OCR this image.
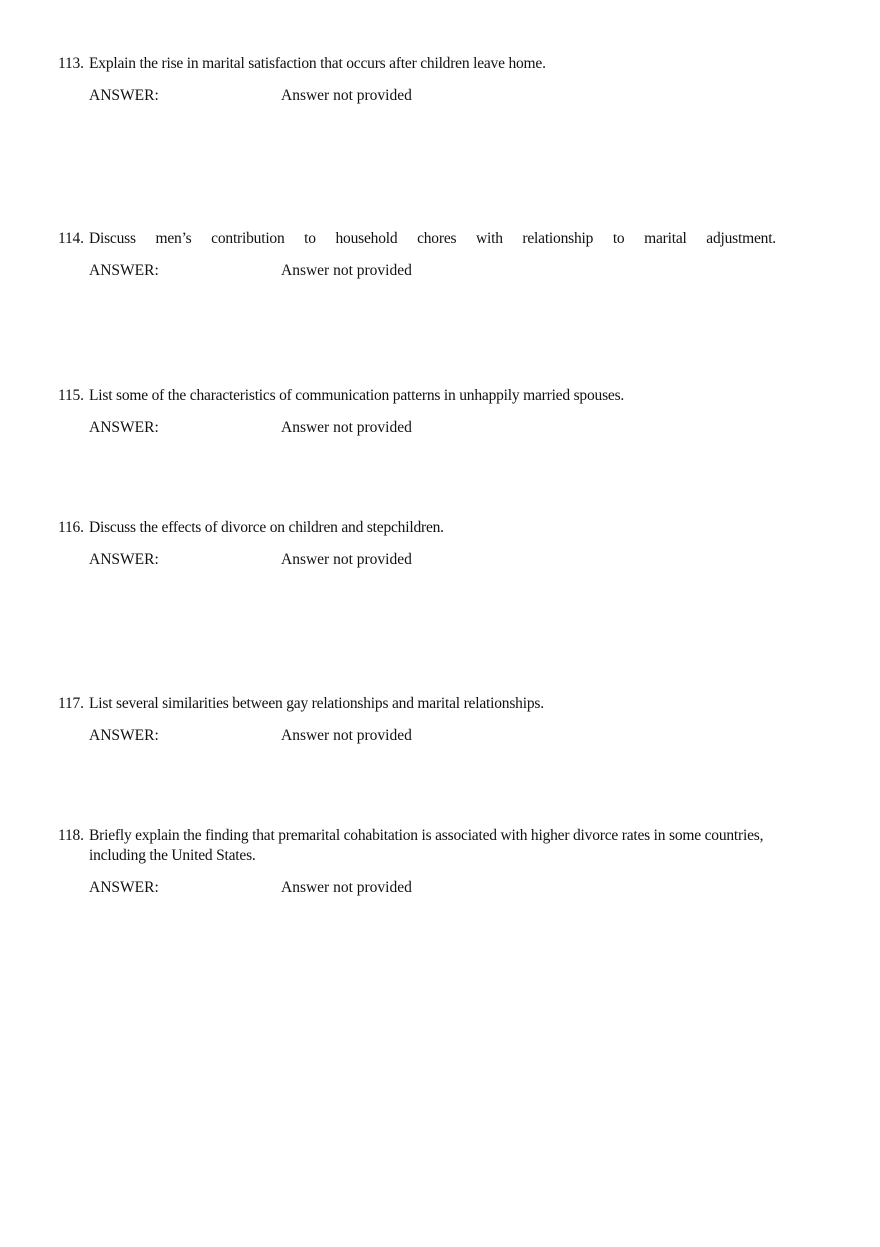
113. Explain the rise in marital satisfaction that occurs after children leave home.
ANSWER:	Answer not provided
114. Discuss men’s contribution to household chores with relationship to marital adjustment.
ANSWER:	Answer not provided
115. List some of the characteristics of communication patterns in unhappily married spouses.
ANSWER:	Answer not provided
116. Discuss the effects of divorce on children and stepchildren.
ANSWER:	Answer not provided
117. List several similarities between gay relationships and marital relationships.
ANSWER:	Answer not provided
118. Briefly explain the finding that premarital cohabitation is associated with higher divorce rates in some countries, including the United States.
ANSWER:	Answer not provided
